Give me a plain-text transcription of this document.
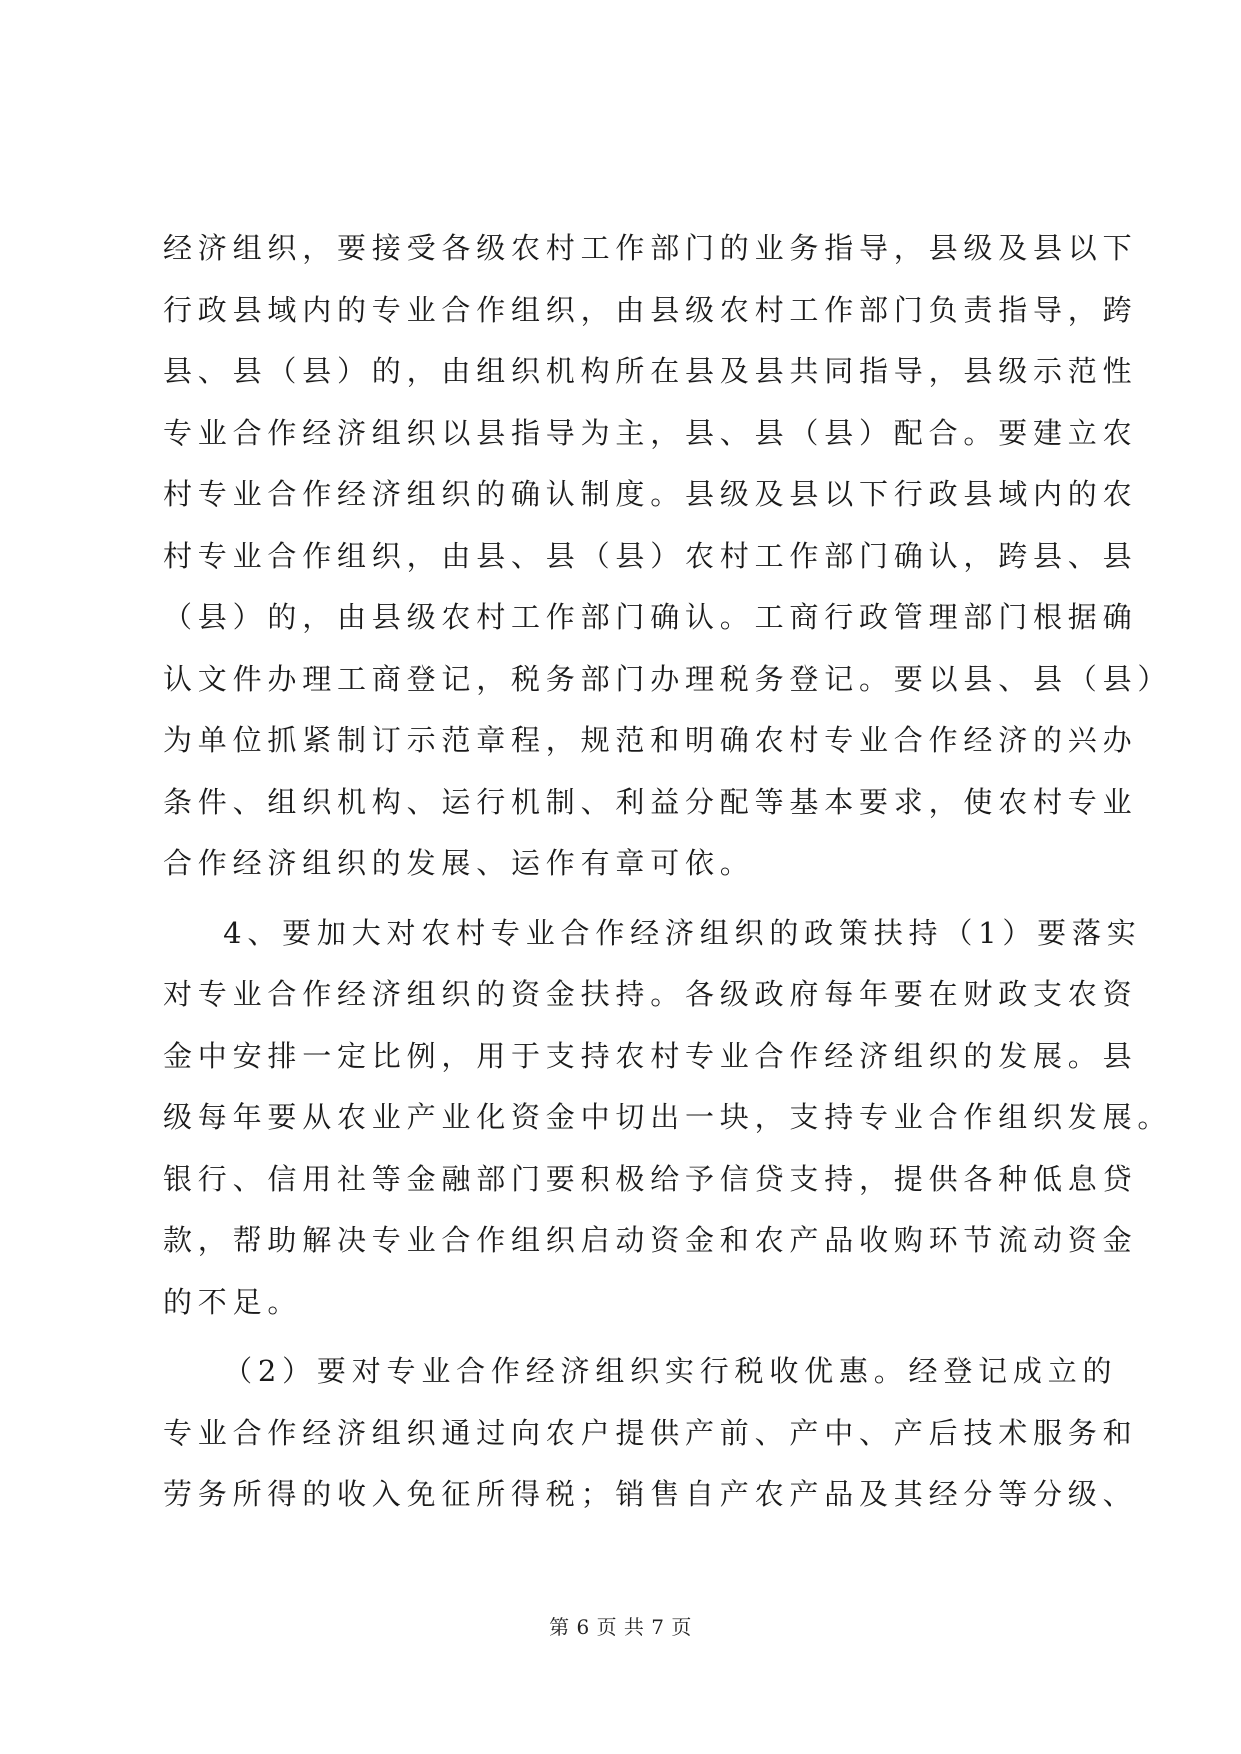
经济组织，要接受各级农村工作部门的业务指导，县级及县以下
行政县域内的专业合作组织，由县级农村工作部门负责指导，跨
县、县（县）的，由组织机构所在县及县共同指导，县级示范性
专业合作经济组织以县指导为主，县、县（县）配合。要建立农
村专业合作经济组织的确认制度。县级及县以下行政县域内的农
村专业合作组织，由县、县（县）农村工作部门确认，跨县、县
（县）的，由县级农村工作部门确认。工商行政管理部门根据确
认文件办理工商登记，税务部门办理税务登记。要以县、县（县）
为单位抓紧制订示范章程，规范和明确农村专业合作经济的兴办
条件、组织机构、运行机制、利益分配等基本要求，使农村专业
合作经济组织的发展、运作有章可依。
4、要加大对农村专业合作经济组织的政策扶持（1）要落实
对专业合作经济组织的资金扶持。各级政府每年要在财政支农资
金中安排一定比例，用于支持农村专业合作经济组织的发展。县
级每年要从农业产业化资金中切出一块，支持专业合作组织发展。
银行、信用社等金融部门要积极给予信贷支持，提供各种低息贷
款，帮助解决专业合作组织启动资金和农产品收购环节流动资金
的不足。
（2）要对专业合作经济组织实行税收优惠。经登记成立的
专业合作经济组织通过向农户提供产前、产中、产后技术服务和
劳务所得的收入免征所得税；销售自产农产品及其经分等分级、
第 6 页 共 7 页
